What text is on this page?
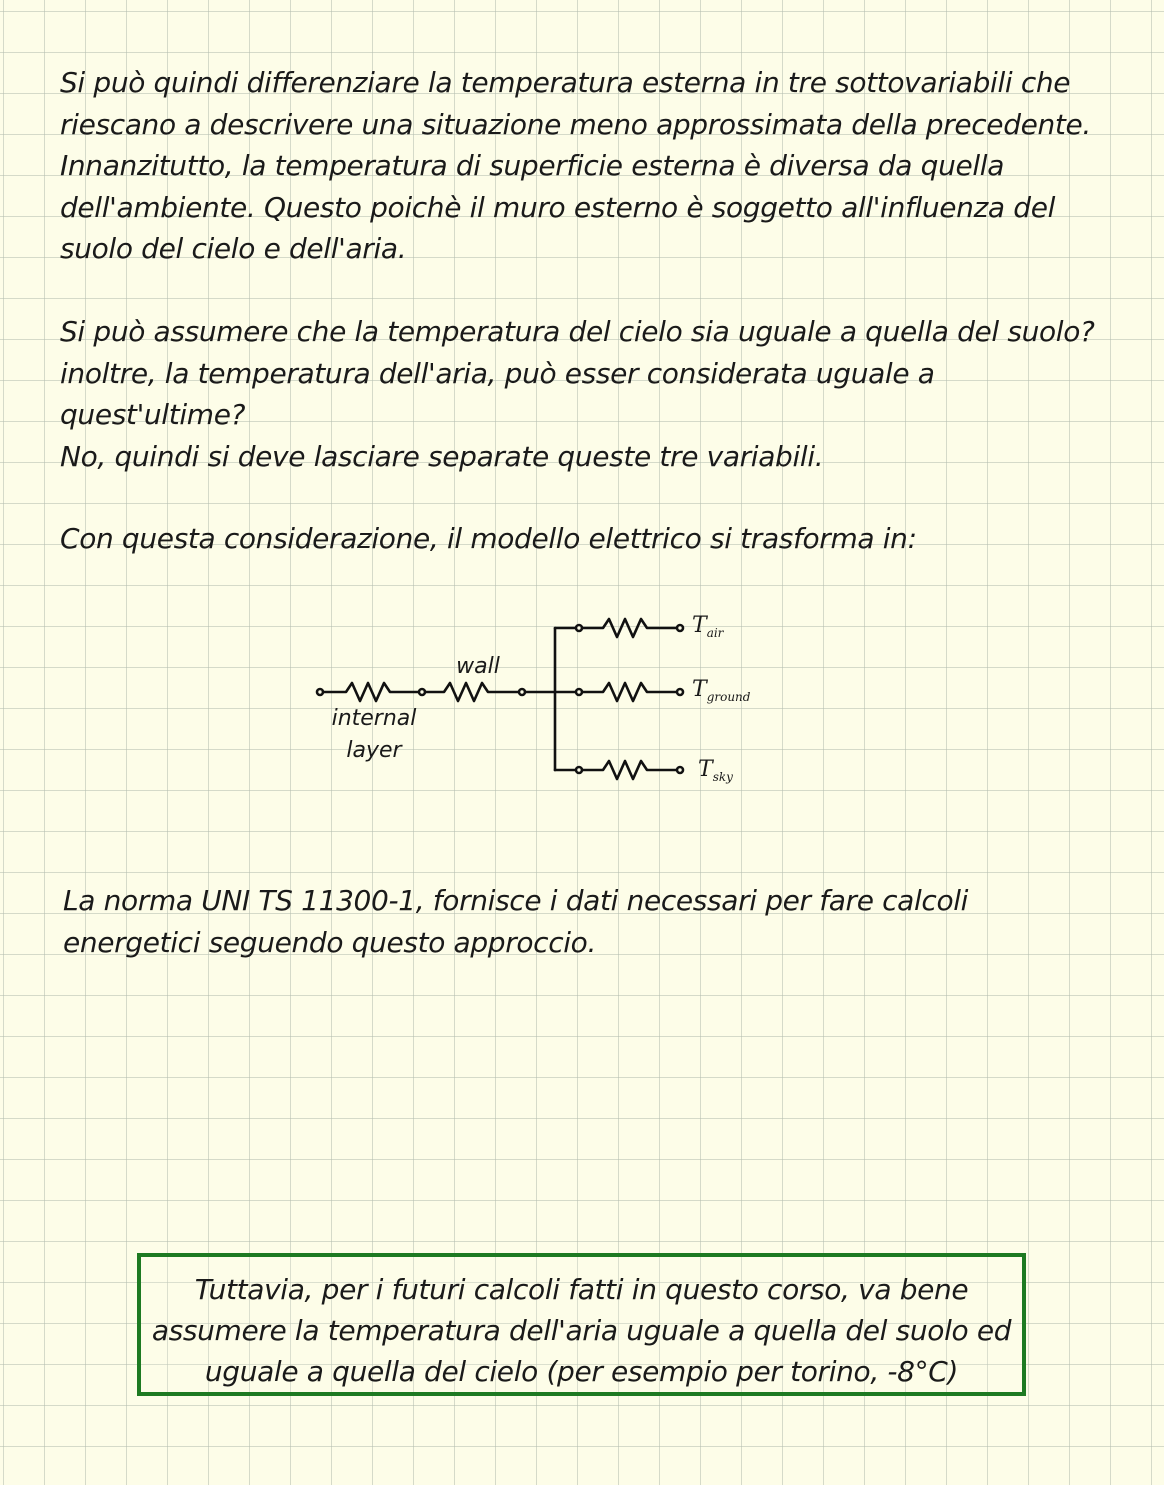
Si può quindi differenziare la temperatura esterna in tre sottovariabili che
riescano a descrivere una situazione meno approssimata della precedente.
Innanzitutto, la temperatura di superficie esterna è diversa da quella
dell'ambiente. Questo poichè il muro esterno è soggetto all'influenza del
suolo del cielo e dell'aria.

Si può assumere che la temperatura del cielo sia uguale a quella del suolo?
inoltre, la temperatura dell'aria, può esser considerata uguale a
quest'ultime?
No, quindi si deve lasciare separate queste tre variabili.

Con questa considerazione, il modello elettrico si trasforma in:

wall
internal
layer
$T_{air}$
$T_{ground}$
$T_{sky}$

La norma UNI TS 11300-1, fornisce i dati necessari per fare calcoli
energetici seguendo questo approccio.

Tuttavia, per i futuri calcoli fatti in questo corso, va bene
assumere la temperatura dell'aria uguale a quella del suolo ed
uguale a quella del cielo (per esempio per torino, -8°C)
